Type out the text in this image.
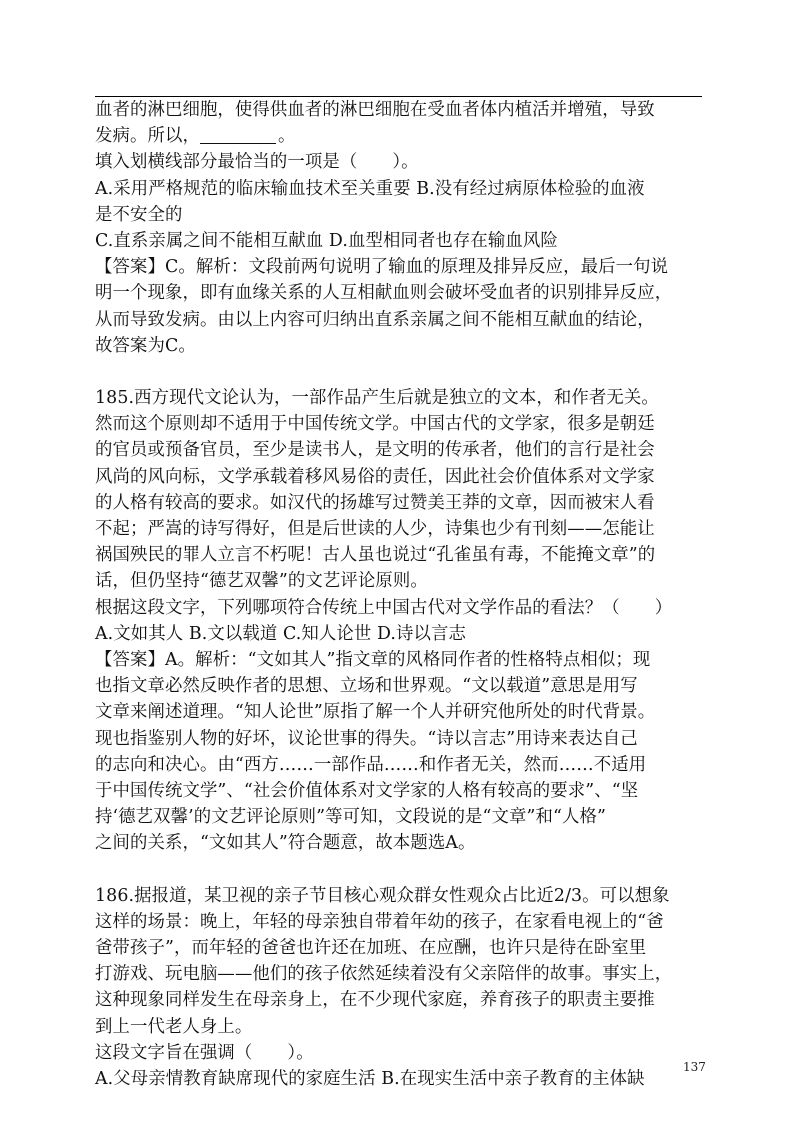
血者的淋巴细胞，使得供血者的淋巴细胞在受血者体内植活并增殖，导致
发病。所以，	。
填入划横线部分最恰当的一项是（　　）。
A.采用严格规范的临床输血技术至关重要 B.没有经过病原体检验的血液
是不安全的
C.直系亲属之间不能相互献血 D.血型相同者也存在输血风险
【答案】C。解析：文段前两句说明了输血的原理及排异反应，最后一句说
明一个现象，即有血缘关系的人互相献血则会破坏受血者的识别排异反应，
从而导致发病。由以上内容可归纳出直系亲属之间不能相互献血的结论，
故答案为C。
185.西方现代文论认为，一部作品产生后就是独立的文本，和作者无关。
然而这个原则却不适用于中国传统文学。中国古代的文学家，很多是朝廷
的官员或预备官员，至少是读书人，是文明的传承者，他们的言行是社会
风尚的风向标，文学承载着移风易俗的责任，因此社会价值体系对文学家
的人格有较高的要求。如汉代的扬雄写过赞美王莽的文章，因而被宋人看
不起；严嵩的诗写得好，但是后世读的人少，诗集也少有刊刻——怎能让
祸国殃民的罪人立言不朽呢！古人虽也说过“孔雀虽有毒，不能掩文章”的
话，但仍坚持“德艺双馨”的文艺评论原则。
根据这段文字，下列哪项符合传统上中国古代对文学作品的看法？（　　）
A.文如其人 B.文以载道 C.知人论世 D.诗以言志
【答案】A。解析：“文如其人”指文章的风格同作者的性格特点相似；现
也指文章必然反映作者的思想、立场和世界观。“文以载道”意思是用写
文章来阐述道理。“知人论世”原指了解一个人并研究他所处的时代背景。
现也指鉴别人物的好坏，议论世事的得失。“诗以言志”用诗来表达自己
的志向和决心。由“西方……一部作品……和作者无关，然而……不适用
于中国传统文学”、“社会价值体系对文学家的人格有较高的要求”、“坚
持‘德艺双馨’的文艺评论原则”等可知，文段说的是“文章”和“人格”
之间的关系，“文如其人”符合题意，故本题选A。
186.据报道，某卫视的亲子节目核心观众群女性观众占比近2/3。可以想象
这样的场景：晚上，年轻的母亲独自带着年幼的孩子，在家看电视上的“爸
爸带孩子”，而年轻的爸爸也许还在加班、在应酬，也许只是待在卧室里
打游戏、玩电脑——他们的孩子依然延续着没有父亲陪伴的故事。事实上，
这种现象同样发生在母亲身上，在不少现代家庭，养育孩子的职责主要推
到上一代老人身上。
这段文字旨在强调（　　）。
A.父母亲情教育缺席现代的家庭生活 B.在现实生活中亲子教育的主体缺
137
